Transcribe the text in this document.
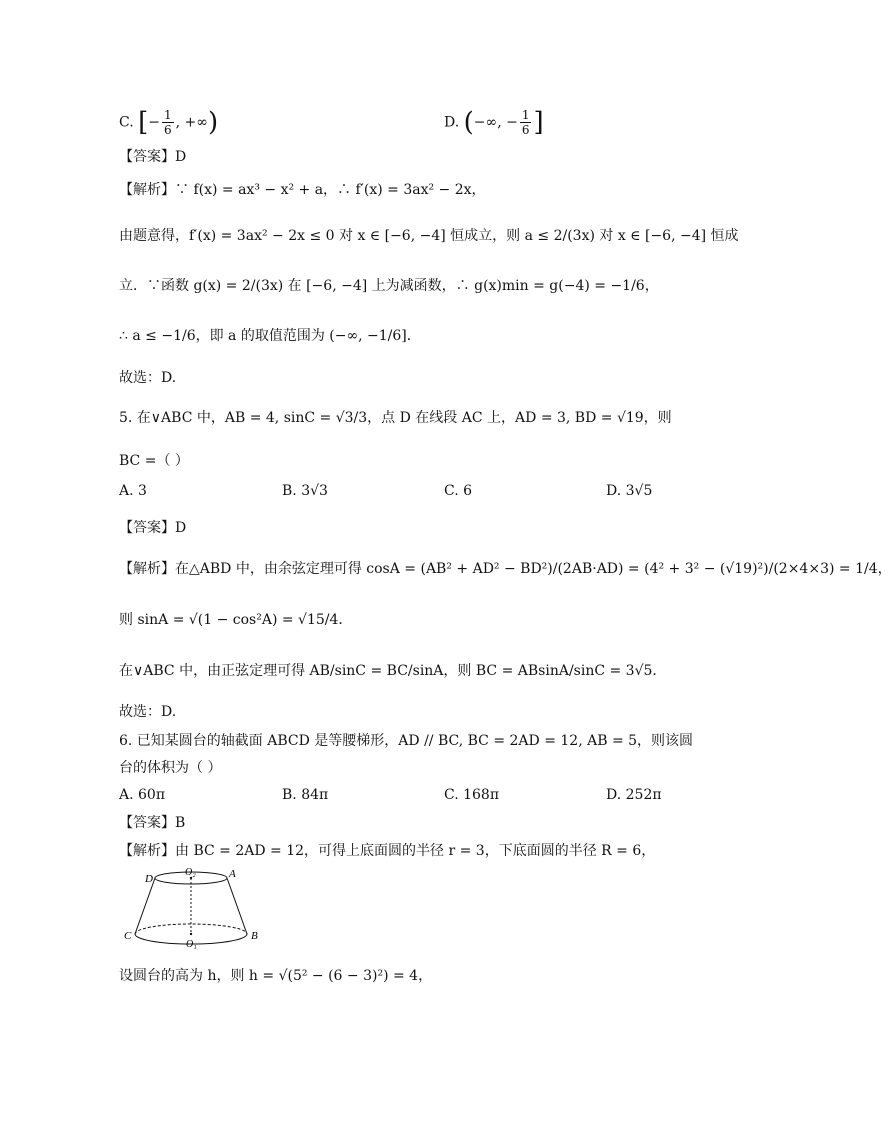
C. [− $\frac{1}{6}$ , +∞)	D. (−∞, − $\frac{1}{6}$ ]
【答案】D
【解析】∵ f(x) = ax³ − x² + a，∴ f′(x) = 3ax² − 2x，
由题意得，f′(x) = 3ax² − 2x ≤ 0 对 x ∈ [−6, −4] 恒成立，则 a ≤ 2/(3x) 对 x ∈ [−6, −4] 恒成
立．∵函数 g(x) = 2/(3x) 在 [−6, −4] 上为减函数，∴ g(x)min = g(−4) = −1/6，
∴ a ≤ −1/6，即 a 的取值范围为 (−∞, −1/6]．
故选：D.
5. 在∨ABC 中，AB = 4, sinC = √3/3，点 D 在线段 AC 上，AD = 3, BD = √19，则
BC =（ ）
A. 3	B. 3√3	C. 6	D. 3√5
【答案】D
【解析】在△ABD 中，由余弦定理可得 cosA = (AB² + AD² − BD²)/(2AB·AD) = (4² + 3² − (√19)²)/(2×4×3) = 1/4，
则 sinA = √(1 − cos²A) = √15/4．
在∨ABC 中，由正弦定理可得 AB/sinC = BC/sinA，则 BC = ABsinA/sinC = 3√5．
故选：D.
6. 已知某圆台的轴截面 ABCD 是等腰梯形，AD // BC, BC = 2AD = 12, AB = 5，则该圆
台的体积为（ ）
A. 60π	B. 84π	C. 168π	D. 252π
【答案】B
【解析】由 BC = 2AD = 12，可得上底面圆的半径 r = 3，下底面圆的半径 R = 6，
D	A
O₂
C	B
O₁
设圆台的高为 h，则 h = √(5² − (6 − 3)²) = 4，
